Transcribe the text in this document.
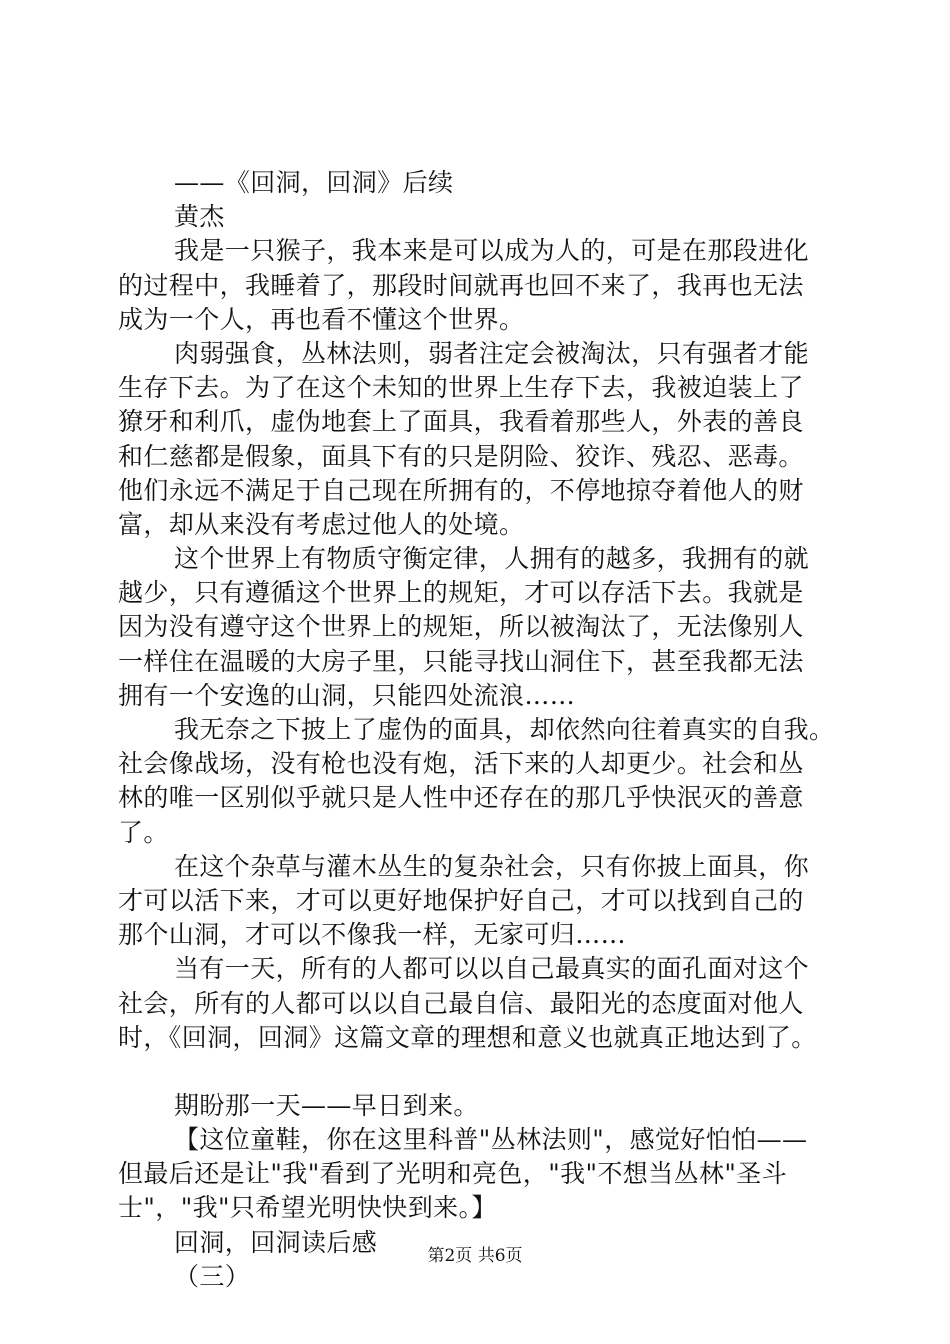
——《回洞，回洞》后续
黄杰
我是一只猴子，我本来是可以成为人的，可是在那段进化
的过程中，我睡着了，那段时间就再也回不来了，我再也无法
成为一个人，再也看不懂这个世界。
肉弱强食，丛林法则，弱者注定会被淘汰，只有强者才能
生存下去。为了在这个未知的世界上生存下去，我被迫装上了
獠牙和利爪，虚伪地套上了面具，我看着那些人，外表的善良
和仁慈都是假象，面具下有的只是阴险、狡诈、残忍、恶毒。
他们永远不满足于自己现在所拥有的，不停地掠夺着他人的财
富，却从来没有考虑过他人的处境。
这个世界上有物质守衡定律，人拥有的越多，我拥有的就
越少，只有遵循这个世界上的规矩，才可以存活下去。我就是
因为没有遵守这个世界上的规矩，所以被淘汰了，无法像别人
一样住在温暖的大房子里，只能寻找山洞住下，甚至我都无法
拥有一个安逸的山洞，只能四处流浪……
我无奈之下披上了虚伪的面具，却依然向往着真实的自我。
社会像战场，没有枪也没有炮，活下来的人却更少。社会和丛
林的唯一区别似乎就只是人性中还存在的那几乎快泯灭的善意
了。
在这个杂草与灌木丛生的复杂社会，只有你披上面具，你
才可以活下来，才可以更好地保护好自己，才可以找到自己的
那个山洞，才可以不像我一样，无家可归……
当有一天，所有的人都可以以自己最真实的面孔面对这个
社会，所有的人都可以以自己最自信、最阳光的态度面对他人
时，《回洞，回洞》这篇文章的理想和意义也就真正地达到了。
期盼那一天——早日到来。
【这位童鞋，你在这里科普"丛林法则"，感觉好怕怕——
但最后还是让"我"看到了光明和亮色，"我"不想当丛林"圣斗
士"，"我"只希望光明快快到来。】
回洞，回洞读后感
（三）
第2页 共6页
